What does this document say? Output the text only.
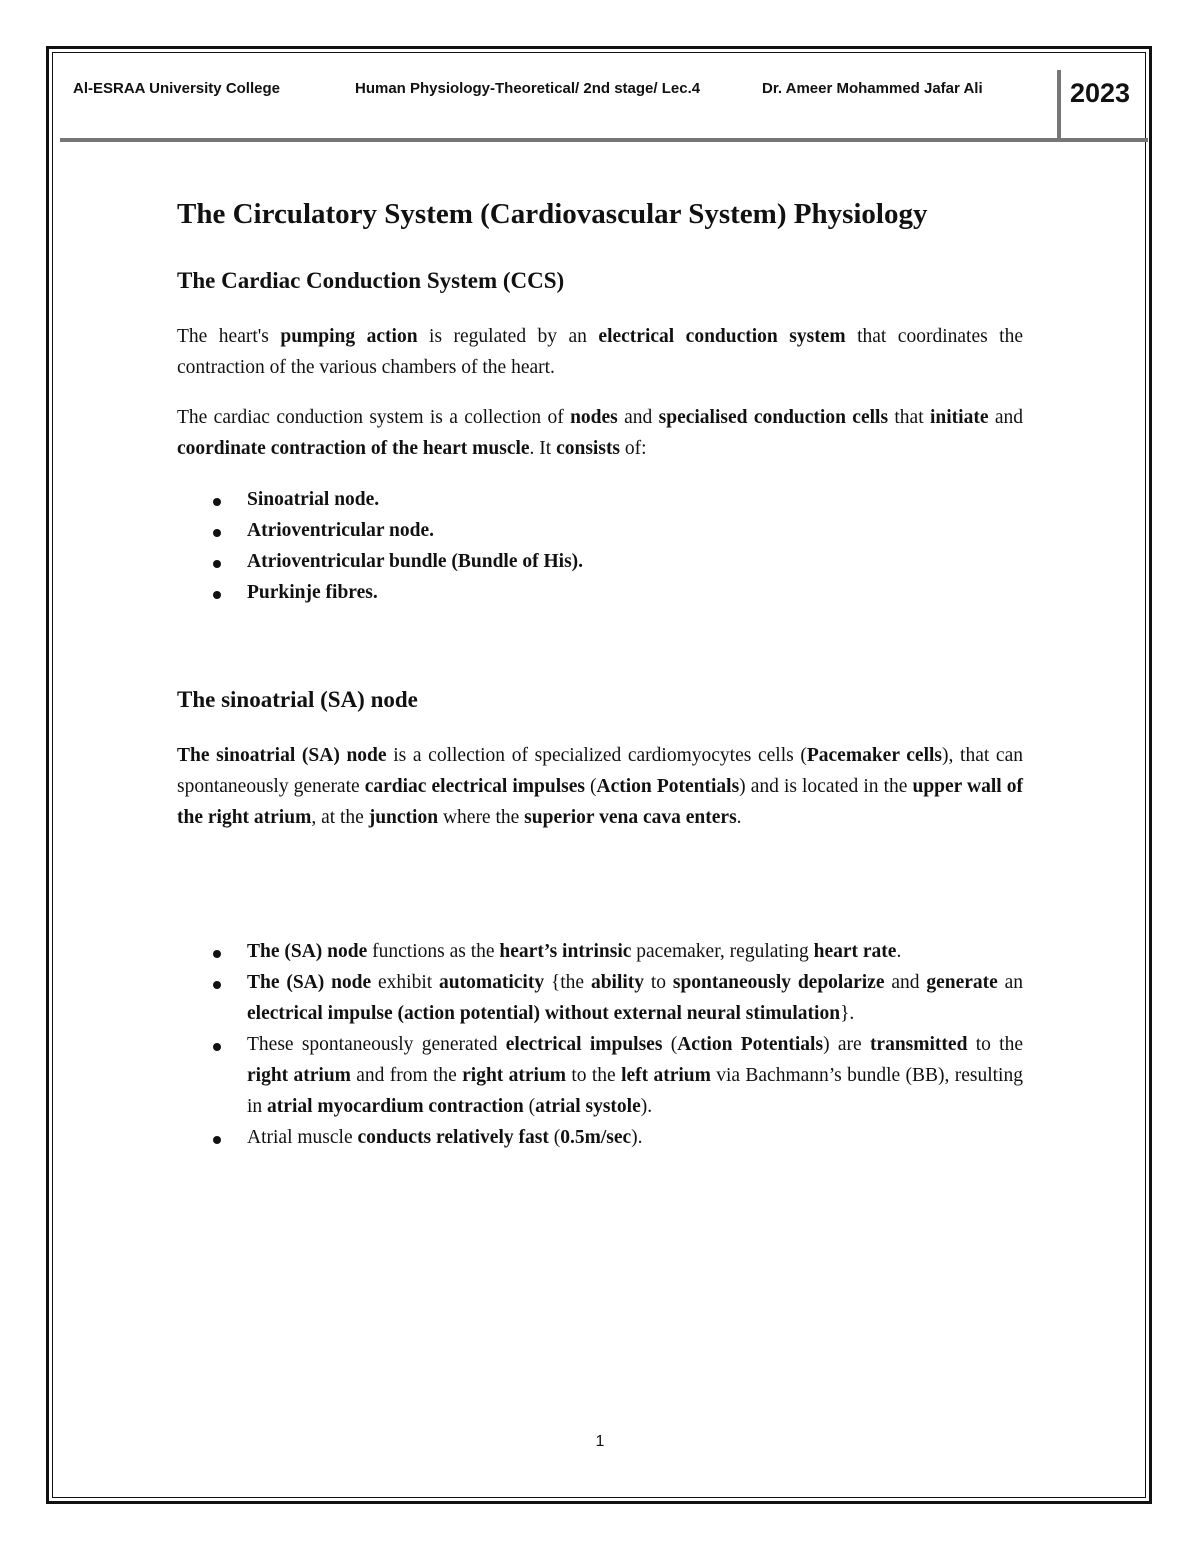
Al-ESRAA University College	Human Physiology-Theoretical/ 2nd stage/ Lec.4	Dr. Ameer Mohammed Jafar Ali	2023
The Circulatory System (Cardiovascular System) Physiology
The Cardiac Conduction System (CCS)

The heart's pumping action is regulated by an electrical conduction system that coordinates the contraction of the various chambers of the heart.

The cardiac conduction system is a collection of nodes and specialised conduction cells that initiate and coordinate contraction of the heart muscle. It consists of:

Sinoatrial node.
Atrioventricular node.
Atrioventricular bundle (Bundle of His).
Purkinje fibres.
The sinoatrial (SA) node

The sinoatrial (SA) node is a collection of specialized cardiomyocytes cells (Pacemaker cells), that can spontaneously generate cardiac electrical impulses (Action Potentials) and is located in the upper wall of the right atrium, at the junction where the superior vena cava enters.

The (SA) node functions as the heart’s intrinsic pacemaker, regulating heart rate.
The (SA) node exhibit automaticity {the ability to spontaneously depolarize and generate an electrical impulse (action potential) without external neural stimulation}.
These spontaneously generated electrical impulses (Action Potentials) are transmitted to the right atrium and from the right atrium to the left atrium via Bachmann’s bundle (BB), resulting in atrial myocardium contraction (atrial systole).
Atrial muscle conducts relatively fast (0.5m/sec).
1
